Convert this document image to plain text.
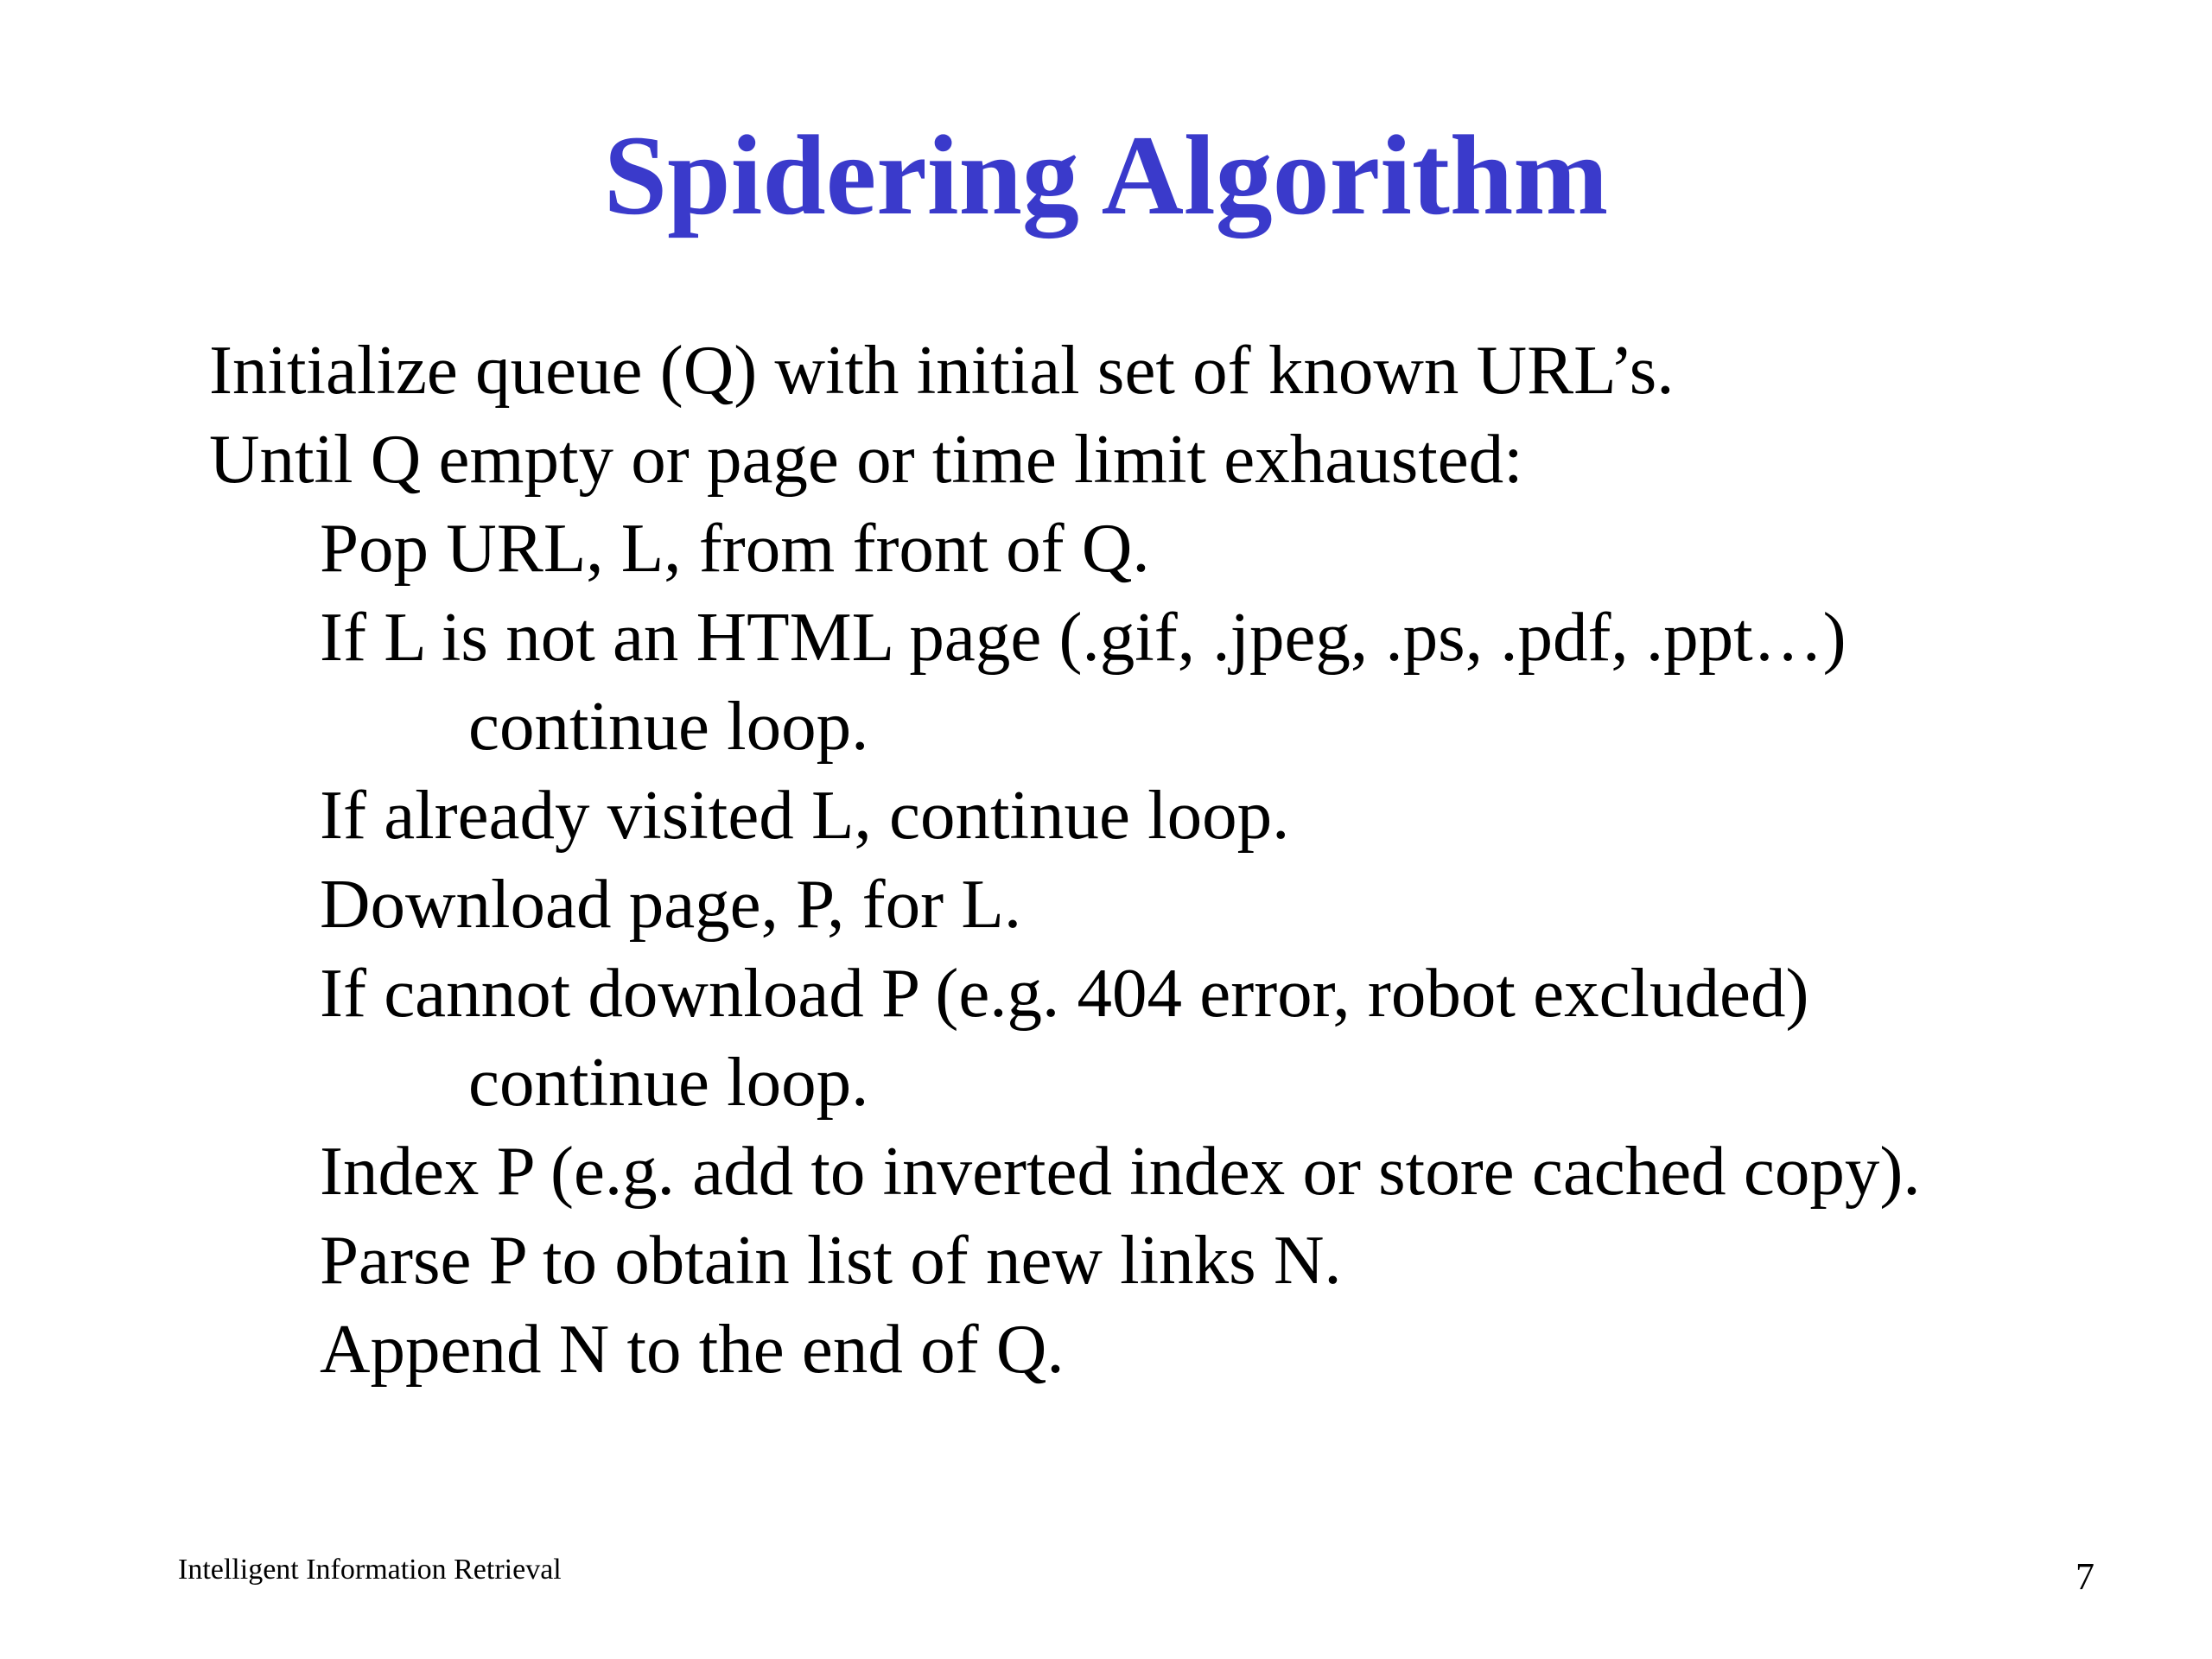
Spidering Algorithm
Initialize queue (Q) with initial set of known URL’s.
Until Q empty or page or time limit exhausted:
Pop URL, L, from front of Q.
If L is not an HTML page (.gif, .jpeg, .ps, .pdf, .ppt…)
continue loop.
If already visited L, continue loop.
Download page, P, for L.
If cannot download P (e.g. 404 error, robot excluded)
continue loop.
Index P (e.g. add to inverted index or store cached copy).
Parse P to obtain list of new links N.
Append N to the end of Q.
Intelligent Information Retrieval	7
